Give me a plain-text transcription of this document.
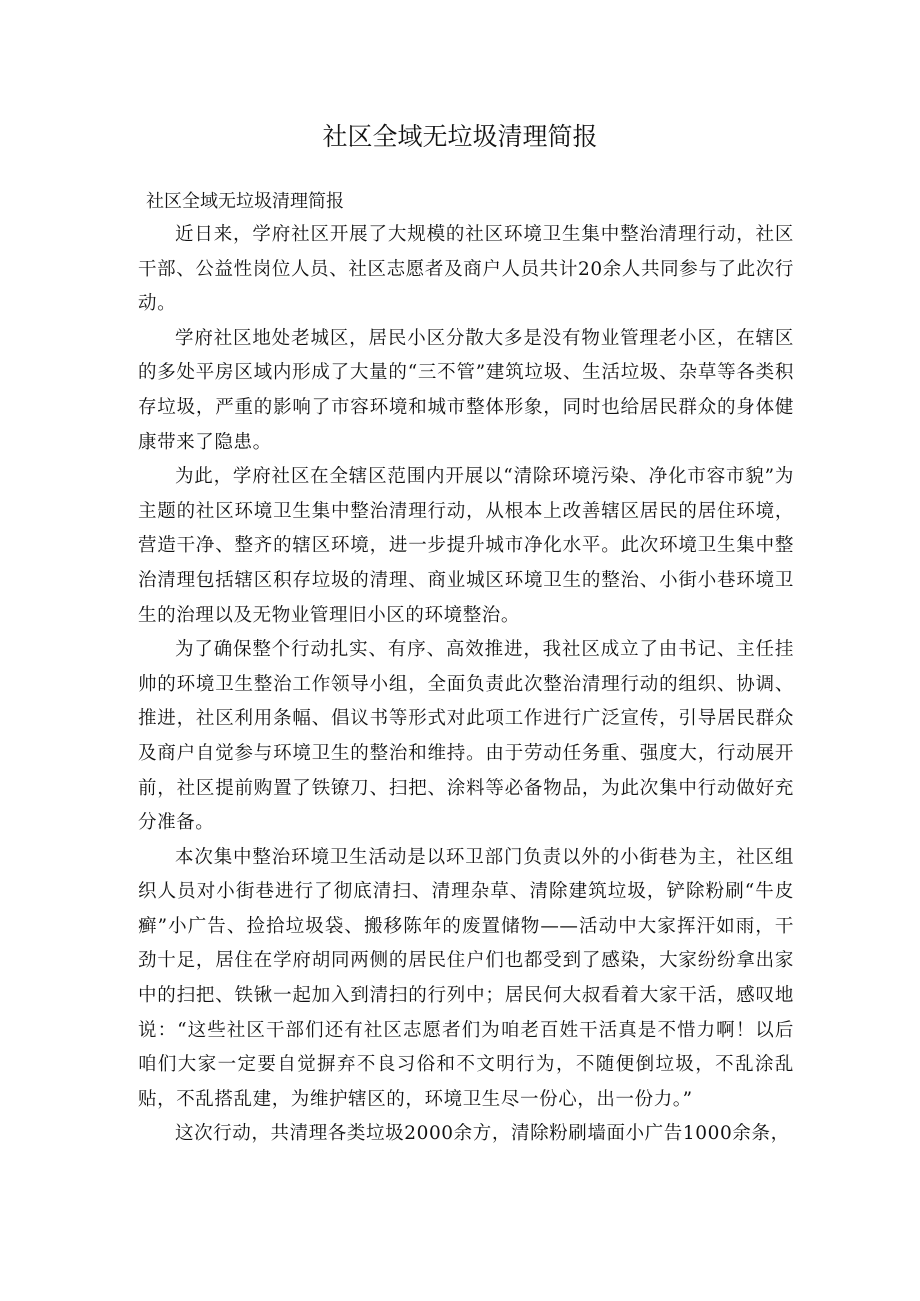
社区全域无垃圾清理简报

社区全域无垃圾清理简报

近日来，学府社区开展了大规模的社区环境卫生集中整治清理行动，社区干部、公益性岗位人员、社区志愿者及商户人员共计20余人共同参与了此次行动。

学府社区地处老城区，居民小区分散大多是没有物业管理老小区，在辖区的多处平房区域内形成了大量的“三不管”建筑垃圾、生活垃圾、杂草等各类积存垃圾，严重的影响了市容环境和城市整体形象，同时也给居民群众的身体健康带来了隐患。

为此，学府社区在全辖区范围内开展以“清除环境污染、净化市容市貌”为主题的社区环境卫生集中整治清理行动，从根本上改善辖区居民的居住环境，营造干净、整齐的辖区环境，进一步提升城市净化水平。此次环境卫生集中整治清理包括辖区积存垃圾的清理、商业城区环境卫生的整治、小街小巷环境卫生的治理以及无物业管理旧小区的环境整治。

为了确保整个行动扎实、有序、高效推进，我社区成立了由书记、主任挂帅的环境卫生整治工作领导小组，全面负责此次整治清理行动的组织、协调、推进，社区利用条幅、倡议书等形式对此项工作进行广泛宣传，引导居民群众及商户自觉参与环境卫生的整治和维持。由于劳动任务重、强度大，行动展开前，社区提前购置了铁镣刀、扫把、涂料等必备物品，为此次集中行动做好充分准备。

本次集中整治环境卫生活动是以环卫部门负责以外的小街巷为主，社区组织人员对小街巷进行了彻底清扫、清理杂草、清除建筑垃圾，铲除粉刷“牛皮癣”小广告、捡拾垃圾袋、搬移陈年的废置储物——活动中大家挥汗如雨，干劲十足，居住在学府胡同两侧的居民住户们也都受到了感染，大家纷纷拿出家中的扫把、铁锹一起加入到清扫的行列中；居民何大叔看着大家干活，感叹地说：“这些社区干部们还有社区志愿者们为咱老百姓干活真是不惜力啊！以后咱们大家一定要自觉摒弃不良习俗和不文明行为，不随便倒垃圾，不乱涂乱贴，不乱搭乱建，为维护辖区的，环境卫生尽一份心，出一份力。”

这次行动，共清理各类垃圾2000余方，清除粉刷墙面小广告1000余条，
